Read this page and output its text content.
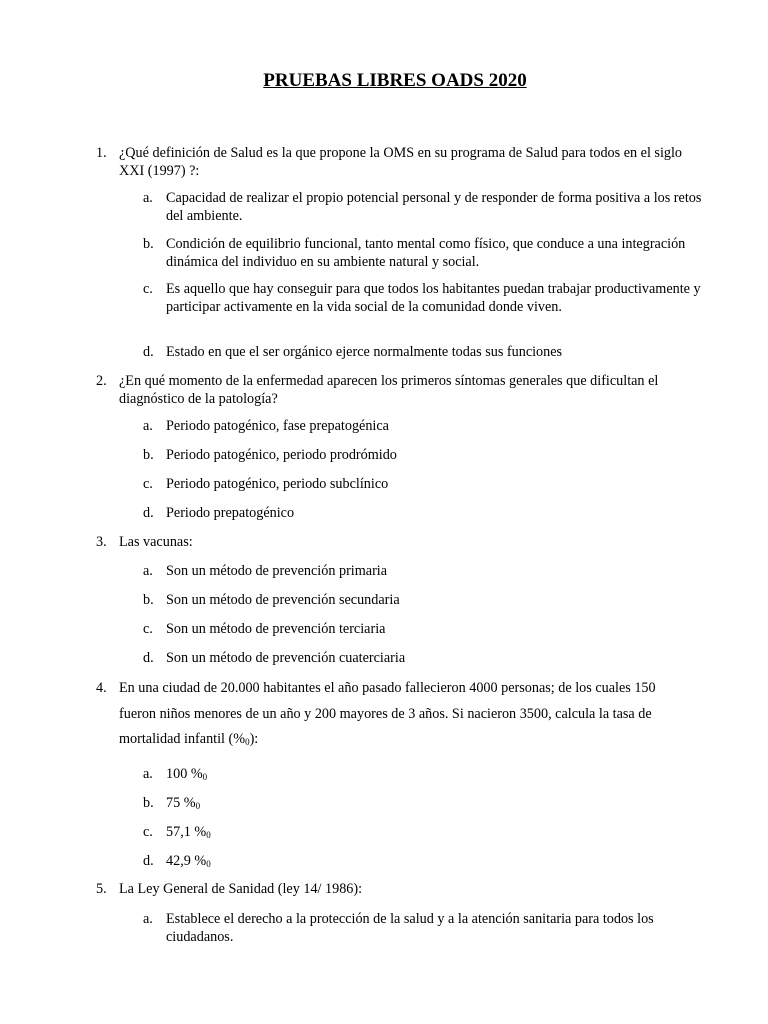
PRUEBAS LIBRES OADS 2020
1. ¿Qué definición de Salud es la que propone la OMS en su programa de Salud para todos en el siglo XXI (1997) ?:
a. Capacidad de realizar el propio potencial personal y de responder de forma positiva a los retos del ambiente.
b. Condición de equilibrio funcional, tanto mental como físico, que conduce a una integración dinámica del individuo en su ambiente natural y social.
c. Es aquello que hay conseguir para que todos los habitantes puedan trabajar productivamente y participar activamente en la vida social de la comunidad donde viven.
d. Estado en que el ser orgánico ejerce normalmente todas sus funciones
2. ¿En qué momento de la enfermedad aparecen los primeros síntomas generales que dificultan el diagnóstico de la patología?
a. Periodo patogénico, fase prepatogénica
b. Periodo patogénico, periodo prodrómido
c. Periodo patogénico, periodo subclínico
d. Periodo prepatogénico
3. Las vacunas:
a. Son un método de prevención primaria
b. Son un método de prevención secundaria
c. Son un método de prevención terciaria
d. Son un método de prevención cuaterciaria
4. En una ciudad de 20.000 habitantes el año pasado fallecieron 4000 personas; de los cuales 150 fueron niños menores de un año y 200 mayores de 3 años. Si nacieron 3500, calcula la tasa de mortalidad infantil $(\%_0)$:
a. 100 $\%_0$
b. 75 $\%_0$
c. 57,1 $\%_0$
d. 42,9 $\%_0$
5. La Ley General de Sanidad (ley 14/ 1986):
a. Establece el derecho a la protección de la salud y a la atención sanitaria para todos los ciudadanos.
